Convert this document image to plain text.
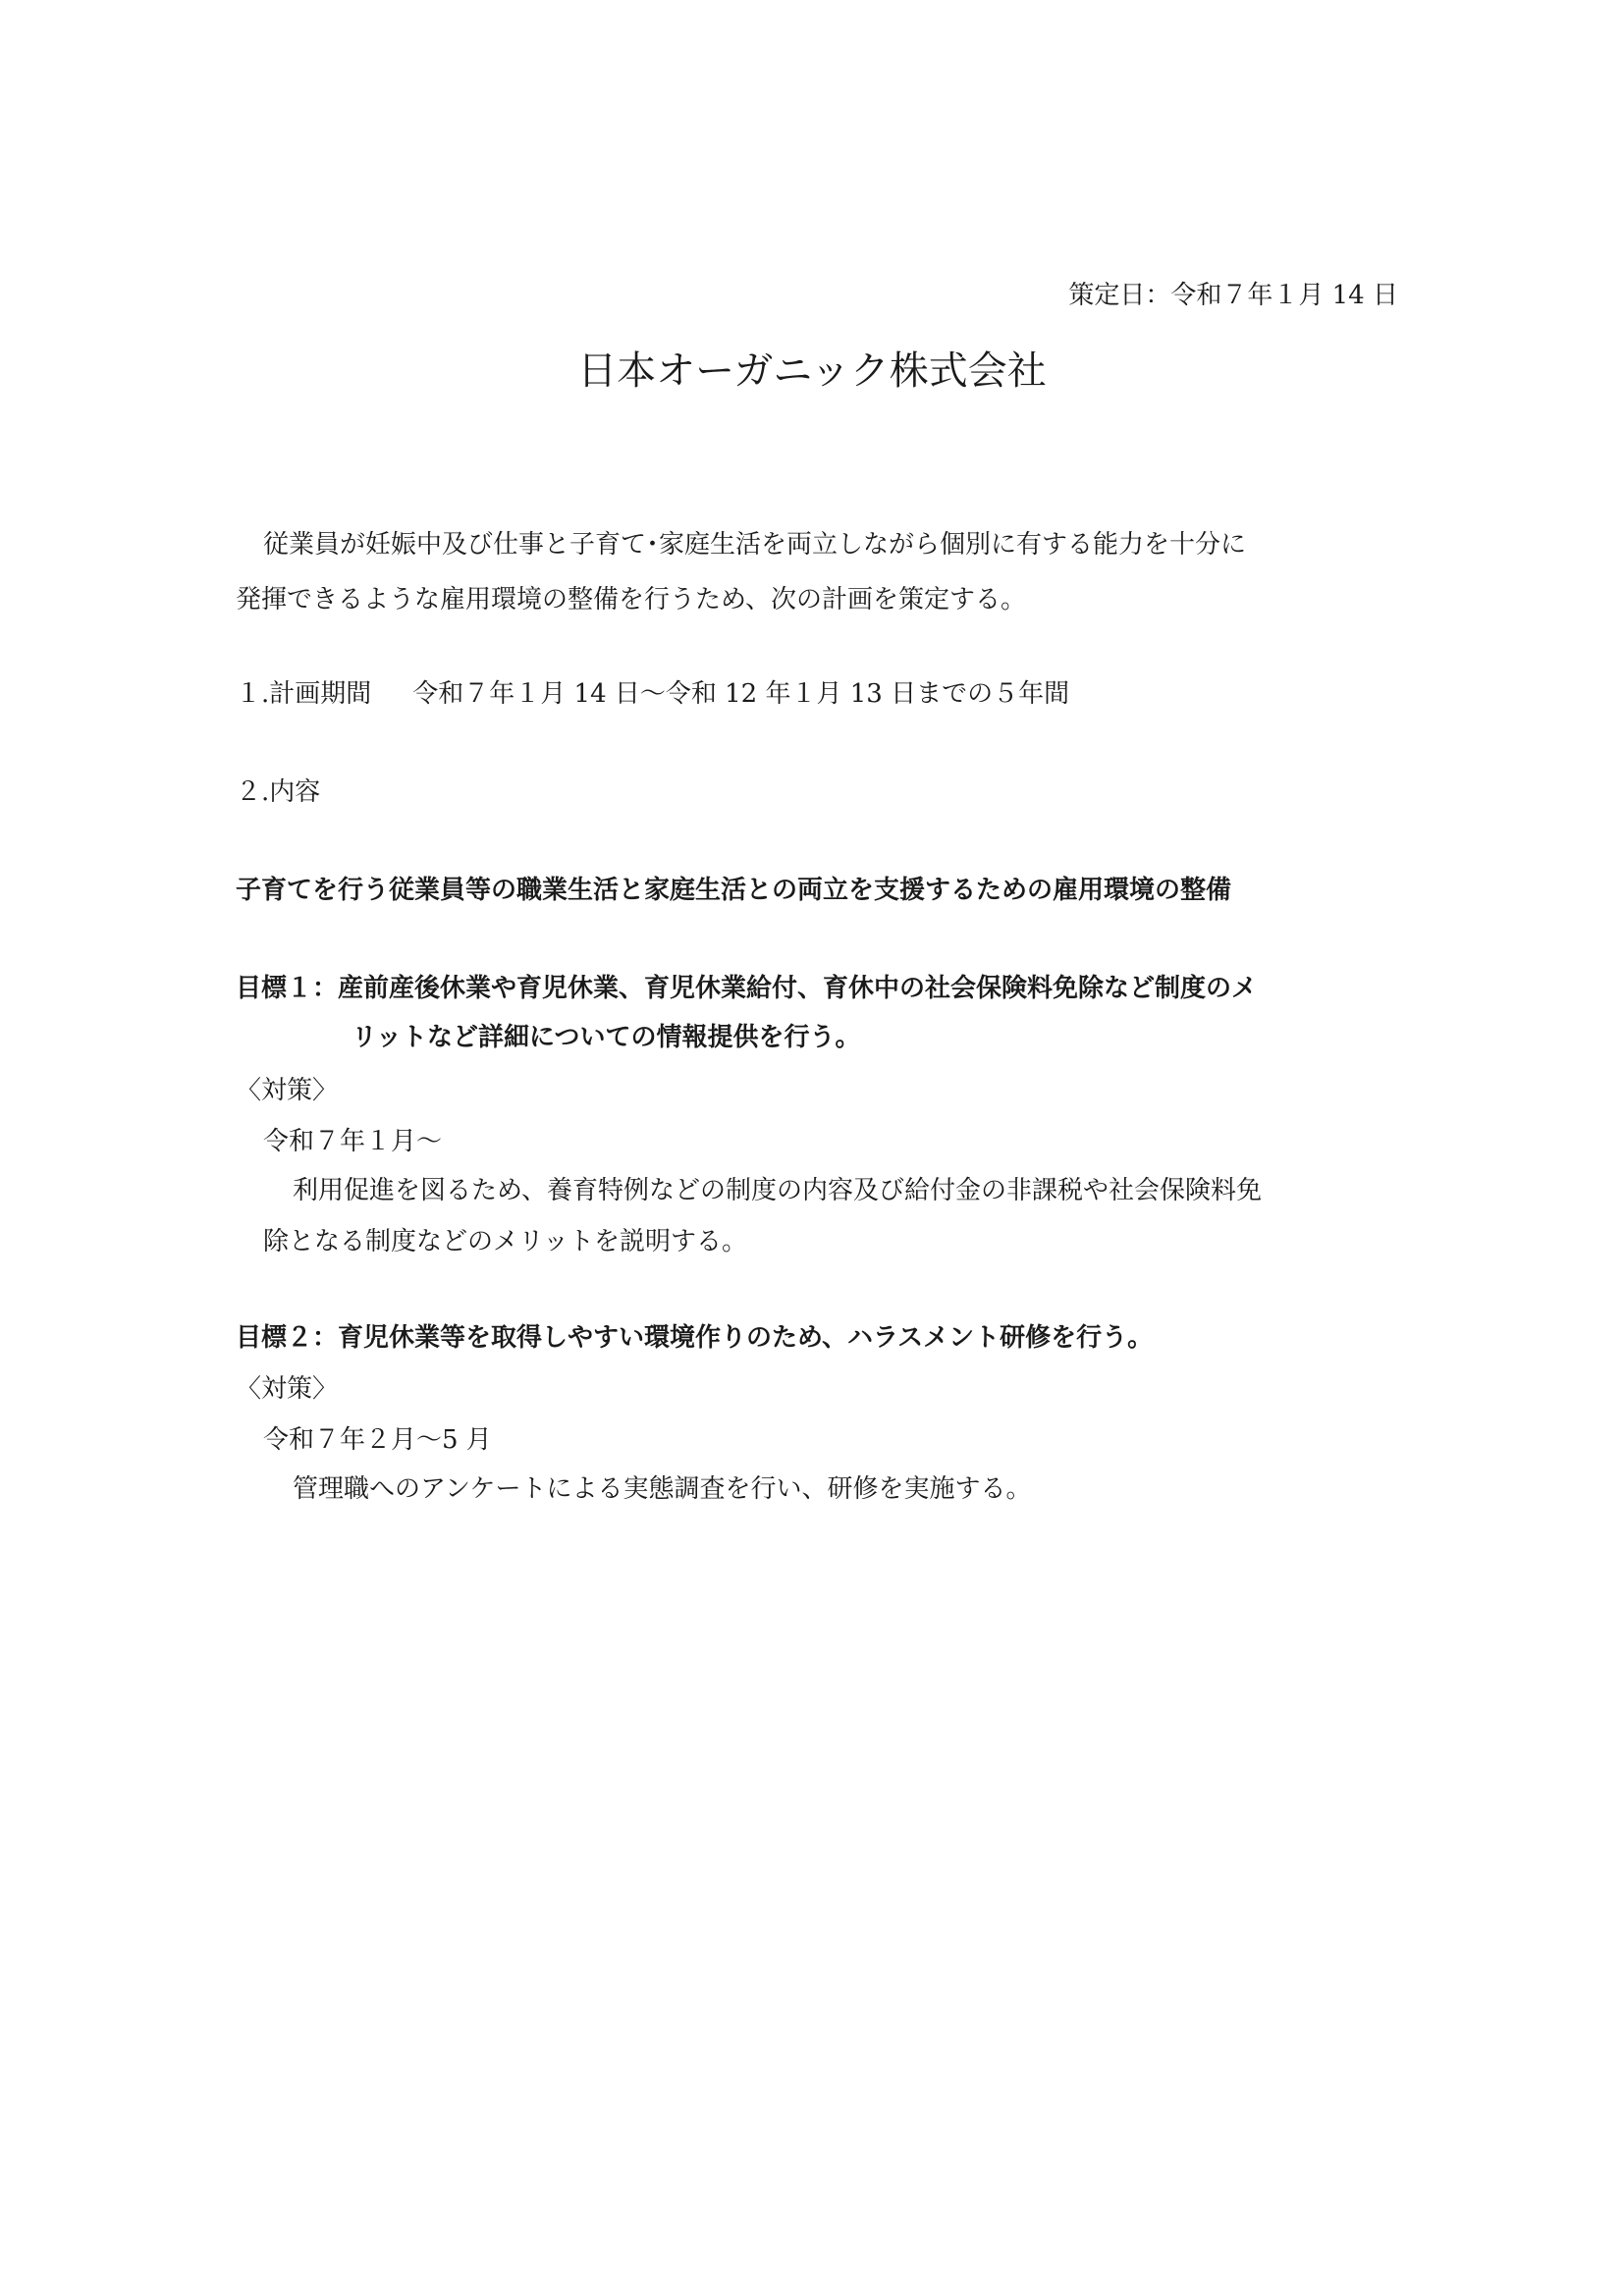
策定日：令和７年１月 14 日
日本オーガニック株式会社
従業員が妊娠中及び仕事と子育て･家庭生活を両立しながら個別に有する能力を十分に
発揮できるような雇用環境の整備を行うため、次の計画を策定する。
１.計画期間 令和７年１月 14 日～令和 12 年１月 13 日までの５年間
２.内容
子育てを行う従業員等の職業生活と家庭生活との両立を支援するための雇用環境の整備
目標１：産前産後休業や育児休業、育児休業給付、育休中の社会保険料免除など制度のメ
リットなど詳細についての情報提供を行う。
〈対策〉
令和７年１月～
利用促進を図るため、養育特例などの制度の内容及び給付金の非課税や社会保険料免
除となる制度などのメリットを説明する。
目標２：育児休業等を取得しやすい環境作りのため、ハラスメント研修を行う。
〈対策〉
令和７年２月～5 月
管理職へのアンケートによる実態調査を行い、研修を実施する。
